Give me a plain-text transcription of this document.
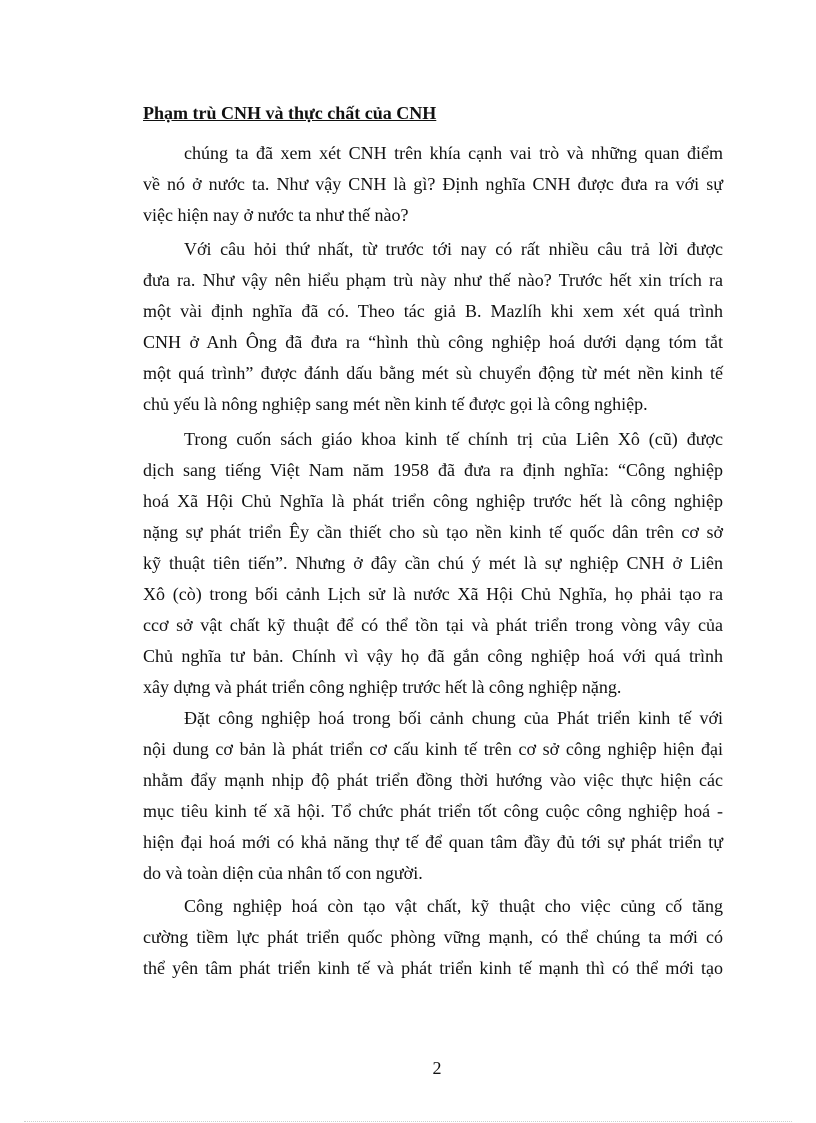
Phạm trù CNH và thực chất của CNH
chúng ta đã xem xét CNH trên khía cạnh vai trò và những quan điểm
về nó ở nước ta. Như vậy CNH là gì? Định nghĩa CNH được đưa ra với sự
việc hiện nay ở nước ta như thế nào?
Với câu hỏi thứ nhất, từ trước tới nay có rất nhiều câu trả lời được
đưa ra. Như vậy nên hiểu phạm trù này như thế nào? Trước hết xin trích ra
một vài định nghĩa đã có. Theo tác giả B. Mazlíh khi xem xét quá trình
CNH ở Anh Ông đã đưa ra “hình thù công nghiệp hoá dưới dạng tóm tắt
một quá trình” được đánh dấu bằng mét sù chuyển động từ mét nền kinh tế
chủ yếu là nông nghiệp sang mét nền kinh tế được gọi là công nghiệp.
Trong cuốn sách giáo khoa kinh tế chính trị của Liên Xô (cũ) được
dịch sang tiếng Việt Nam năm 1958 đã đưa ra định nghĩa: “Công nghiệp
hoá Xã Hội Chủ Nghĩa là phát triển công nghiệp trước hết là công nghiệp
nặng sự phát triển Êy cần thiết cho sù tạo nền kinh tế quốc dân trên cơ sở
kỹ thuật tiên tiến”. Nhưng ở đây cần chú ý mét là sự nghiệp CNH ở Liên
Xô (cò) trong bối cảnh Lịch sử là nước Xã Hội Chủ Nghĩa, họ phải tạo ra
ccơ sở vật chất kỹ thuật để có thể tồn tại và phát triển trong vòng vây của
Chủ nghĩa tư bản. Chính vì vậy họ đã gắn công nghiệp hoá với quá trình
xây dựng và phát triển công nghiệp trước hết là công nghiệp nặng.
Đặt công nghiệp hoá trong bối cảnh chung của Phát triển kinh tế với
nội dung cơ bản là phát triển cơ cấu kinh tế trên cơ sở công nghiệp hiện đại
nhằm đẩy mạnh nhịp độ phát triển đồng thời hướng vào việc thực hiện các
mục tiêu kinh tế xã hội. Tổ chức phát triển tốt công cuộc công nghiệp hoá -
hiện đại hoá mới có khả năng thự tế để quan tâm đầy đủ tới sự phát triển tự
do và toàn diện của nhân tố con người.
Công nghiệp hoá còn tạo vật chất, kỹ thuật cho việc củng cố tăng
cường tiềm lực phát triển quốc phòng vững mạnh, có thể chúng ta mới có
thể yên tâm phát triển kinh tế và phát triển kinh tế mạnh thì có thể mới tạo
2
